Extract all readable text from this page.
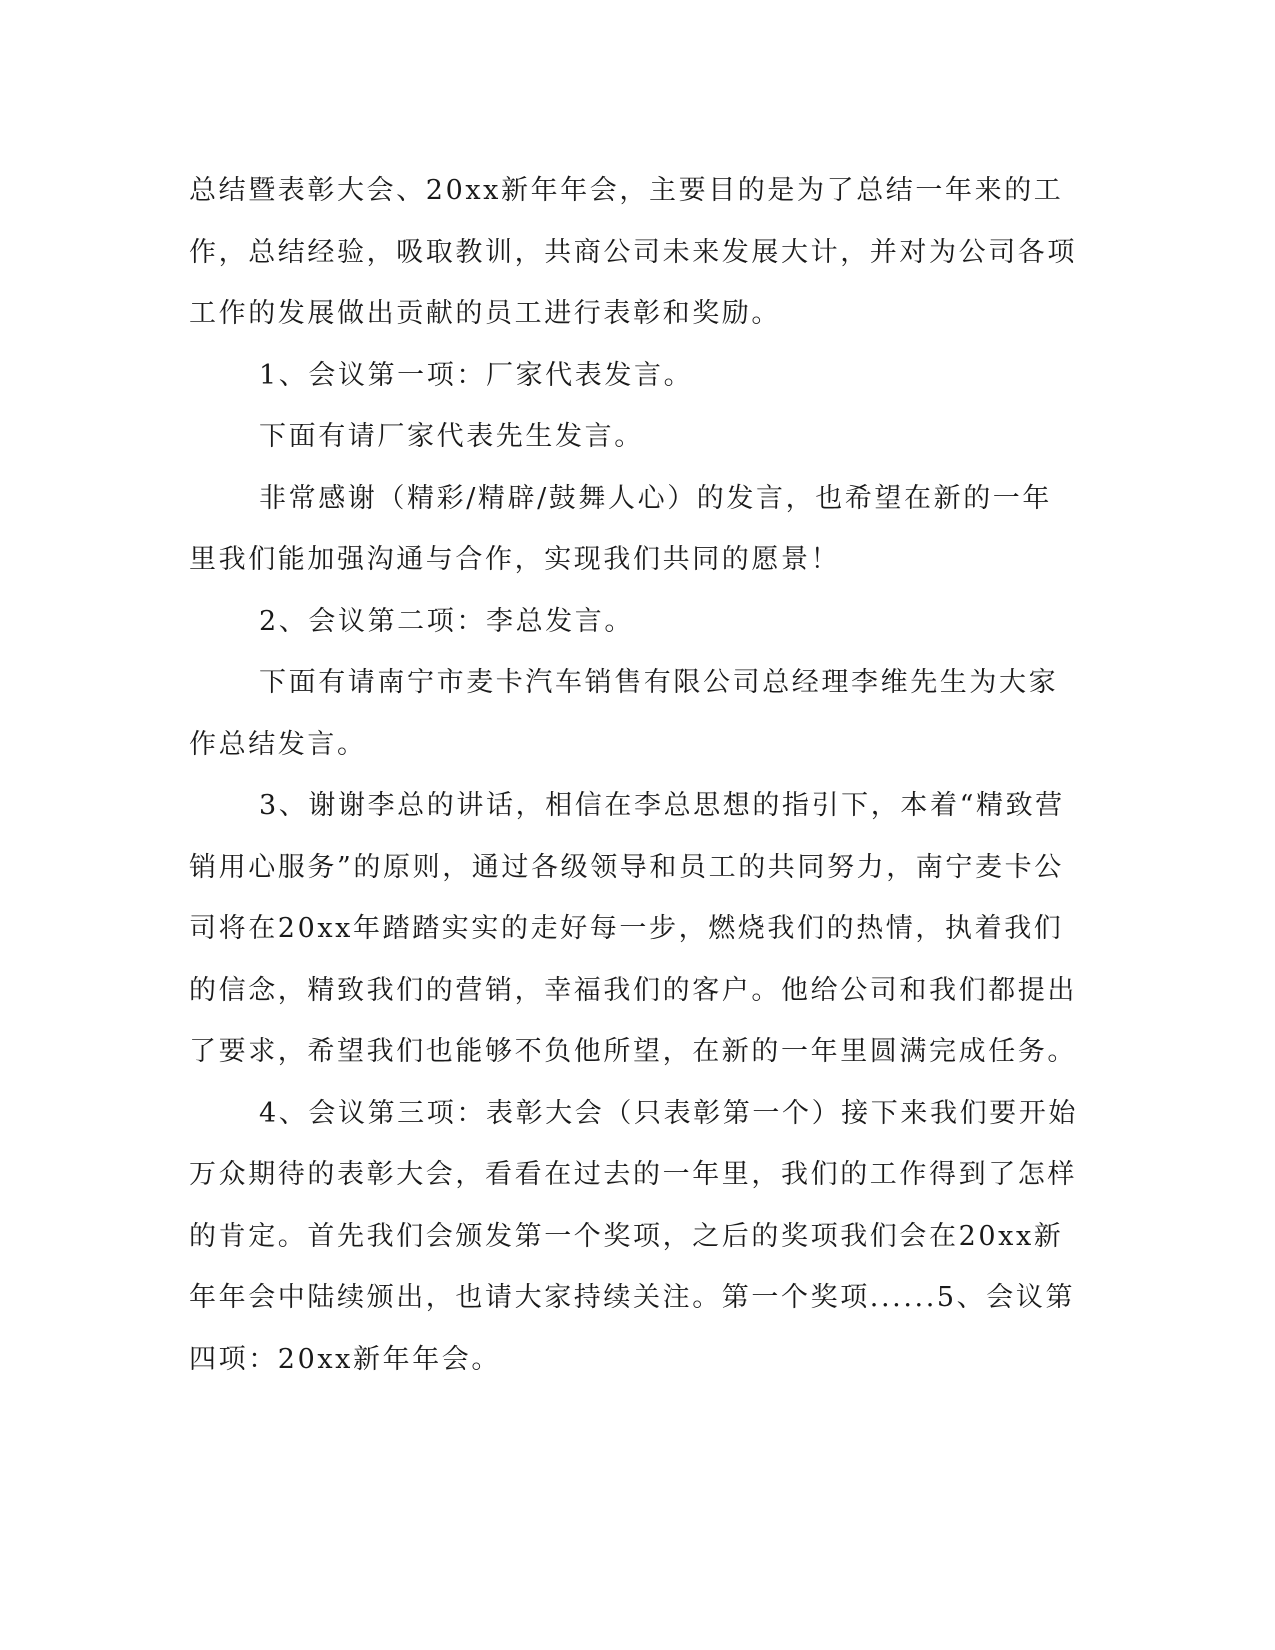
总结暨表彰大会、20xx新年年会，主要目的是为了总结一年来的工作，总结经验，吸取教训，共商公司未来发展大计，并对为公司各项工作的发展做出贡献的员工进行表彰和奖励。

1、会议第一项：厂家代表发言。

下面有请厂家代表先生发言。

非常感谢（精彩/精辟/鼓舞人心）的发言，也希望在新的一年里我们能加强沟通与合作，实现我们共同的愿景！

2、会议第二项：李总发言。

下面有请南宁市麦卡汽车销售有限公司总经理李维先生为大家作总结发言。

3、谢谢李总的讲话，相信在李总思想的指引下，本着“精致营销用心服务”的原则，通过各级领导和员工的共同努力，南宁麦卡公司将在20xx年踏踏实实的走好每一步，燃烧我们的热情，执着我们的信念，精致我们的营销，幸福我们的客户。他给公司和我们都提出了要求，希望我们也能够不负他所望，在新的一年里圆满完成任务。

4、会议第三项：表彰大会（只表彰第一个）接下来我们要开始万众期待的表彰大会，看看在过去的一年里，我们的工作得到了怎样的肯定。首先我们会颁发第一个奖项，之后的奖项我们会在20xx新年年会中陆续颁出，也请大家持续关注。第一个奖项......5、会议第四项：20xx新年年会。
